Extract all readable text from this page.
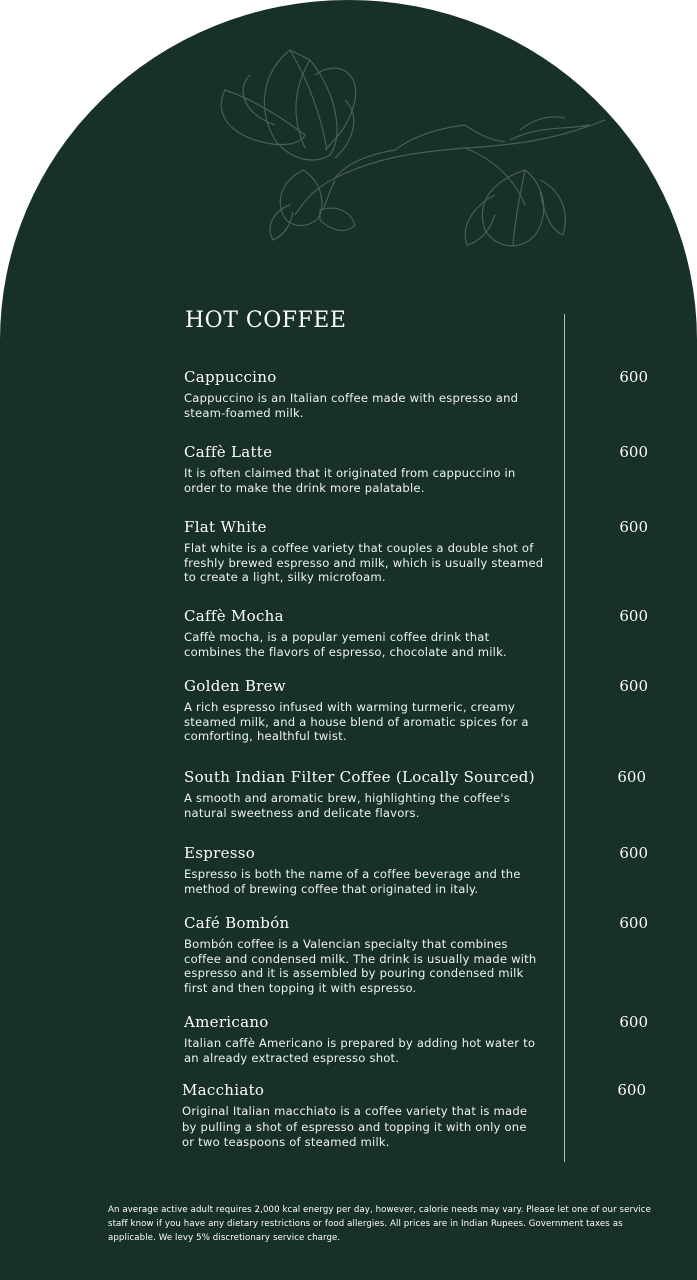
HOT COFFEE
Cappuccino
Cappuccino is an Italian coffee made with espresso and steam-foamed milk.
600
Caffè Latte
It is often claimed that it originated from cappuccino in order to make the drink more palatable.
600
Flat White
Flat white is a coffee variety that couples a double shot of freshly brewed espresso and milk, which is usually steamed to create a light, silky microfoam.
600
Caffè Mocha
Caffè mocha, is a popular yemeni coffee drink that combines the flavors of espresso, chocolate and milk.
600
Golden Brew
A rich espresso infused with warming turmeric, creamy steamed milk, and a house blend of aromatic spices for a comforting, healthful twist.
600
South Indian Filter Coffee (Locally Sourced)
A smooth and aromatic brew, highlighting the coffee's natural sweetness and delicate flavors.
600
Espresso
Espresso is both the name of a coffee beverage and the method of brewing coffee that originated in italy.
600
Café Bombón
Bombón coffee is a Valencian specialty that combines coffee and condensed milk. The drink is usually made with espresso and it is assembled by pouring condensed milk first and then topping it with espresso.
600
Americano
Italian caffè Americano is prepared by adding hot water to an already extracted espresso shot.
600
Macchiato
Original Italian macchiato is a coffee variety that is made by pulling a shot of espresso and topping it with only one or two teaspoons of steamed milk.
600
An average active adult requires 2,000 kcal energy per day, however, calorie needs may vary. Please let one of our service staff know if you have any dietary restrictions or food allergies. All prices are in Indian Rupees. Government taxes as applicable. We levy 5% discretionary service charge.
